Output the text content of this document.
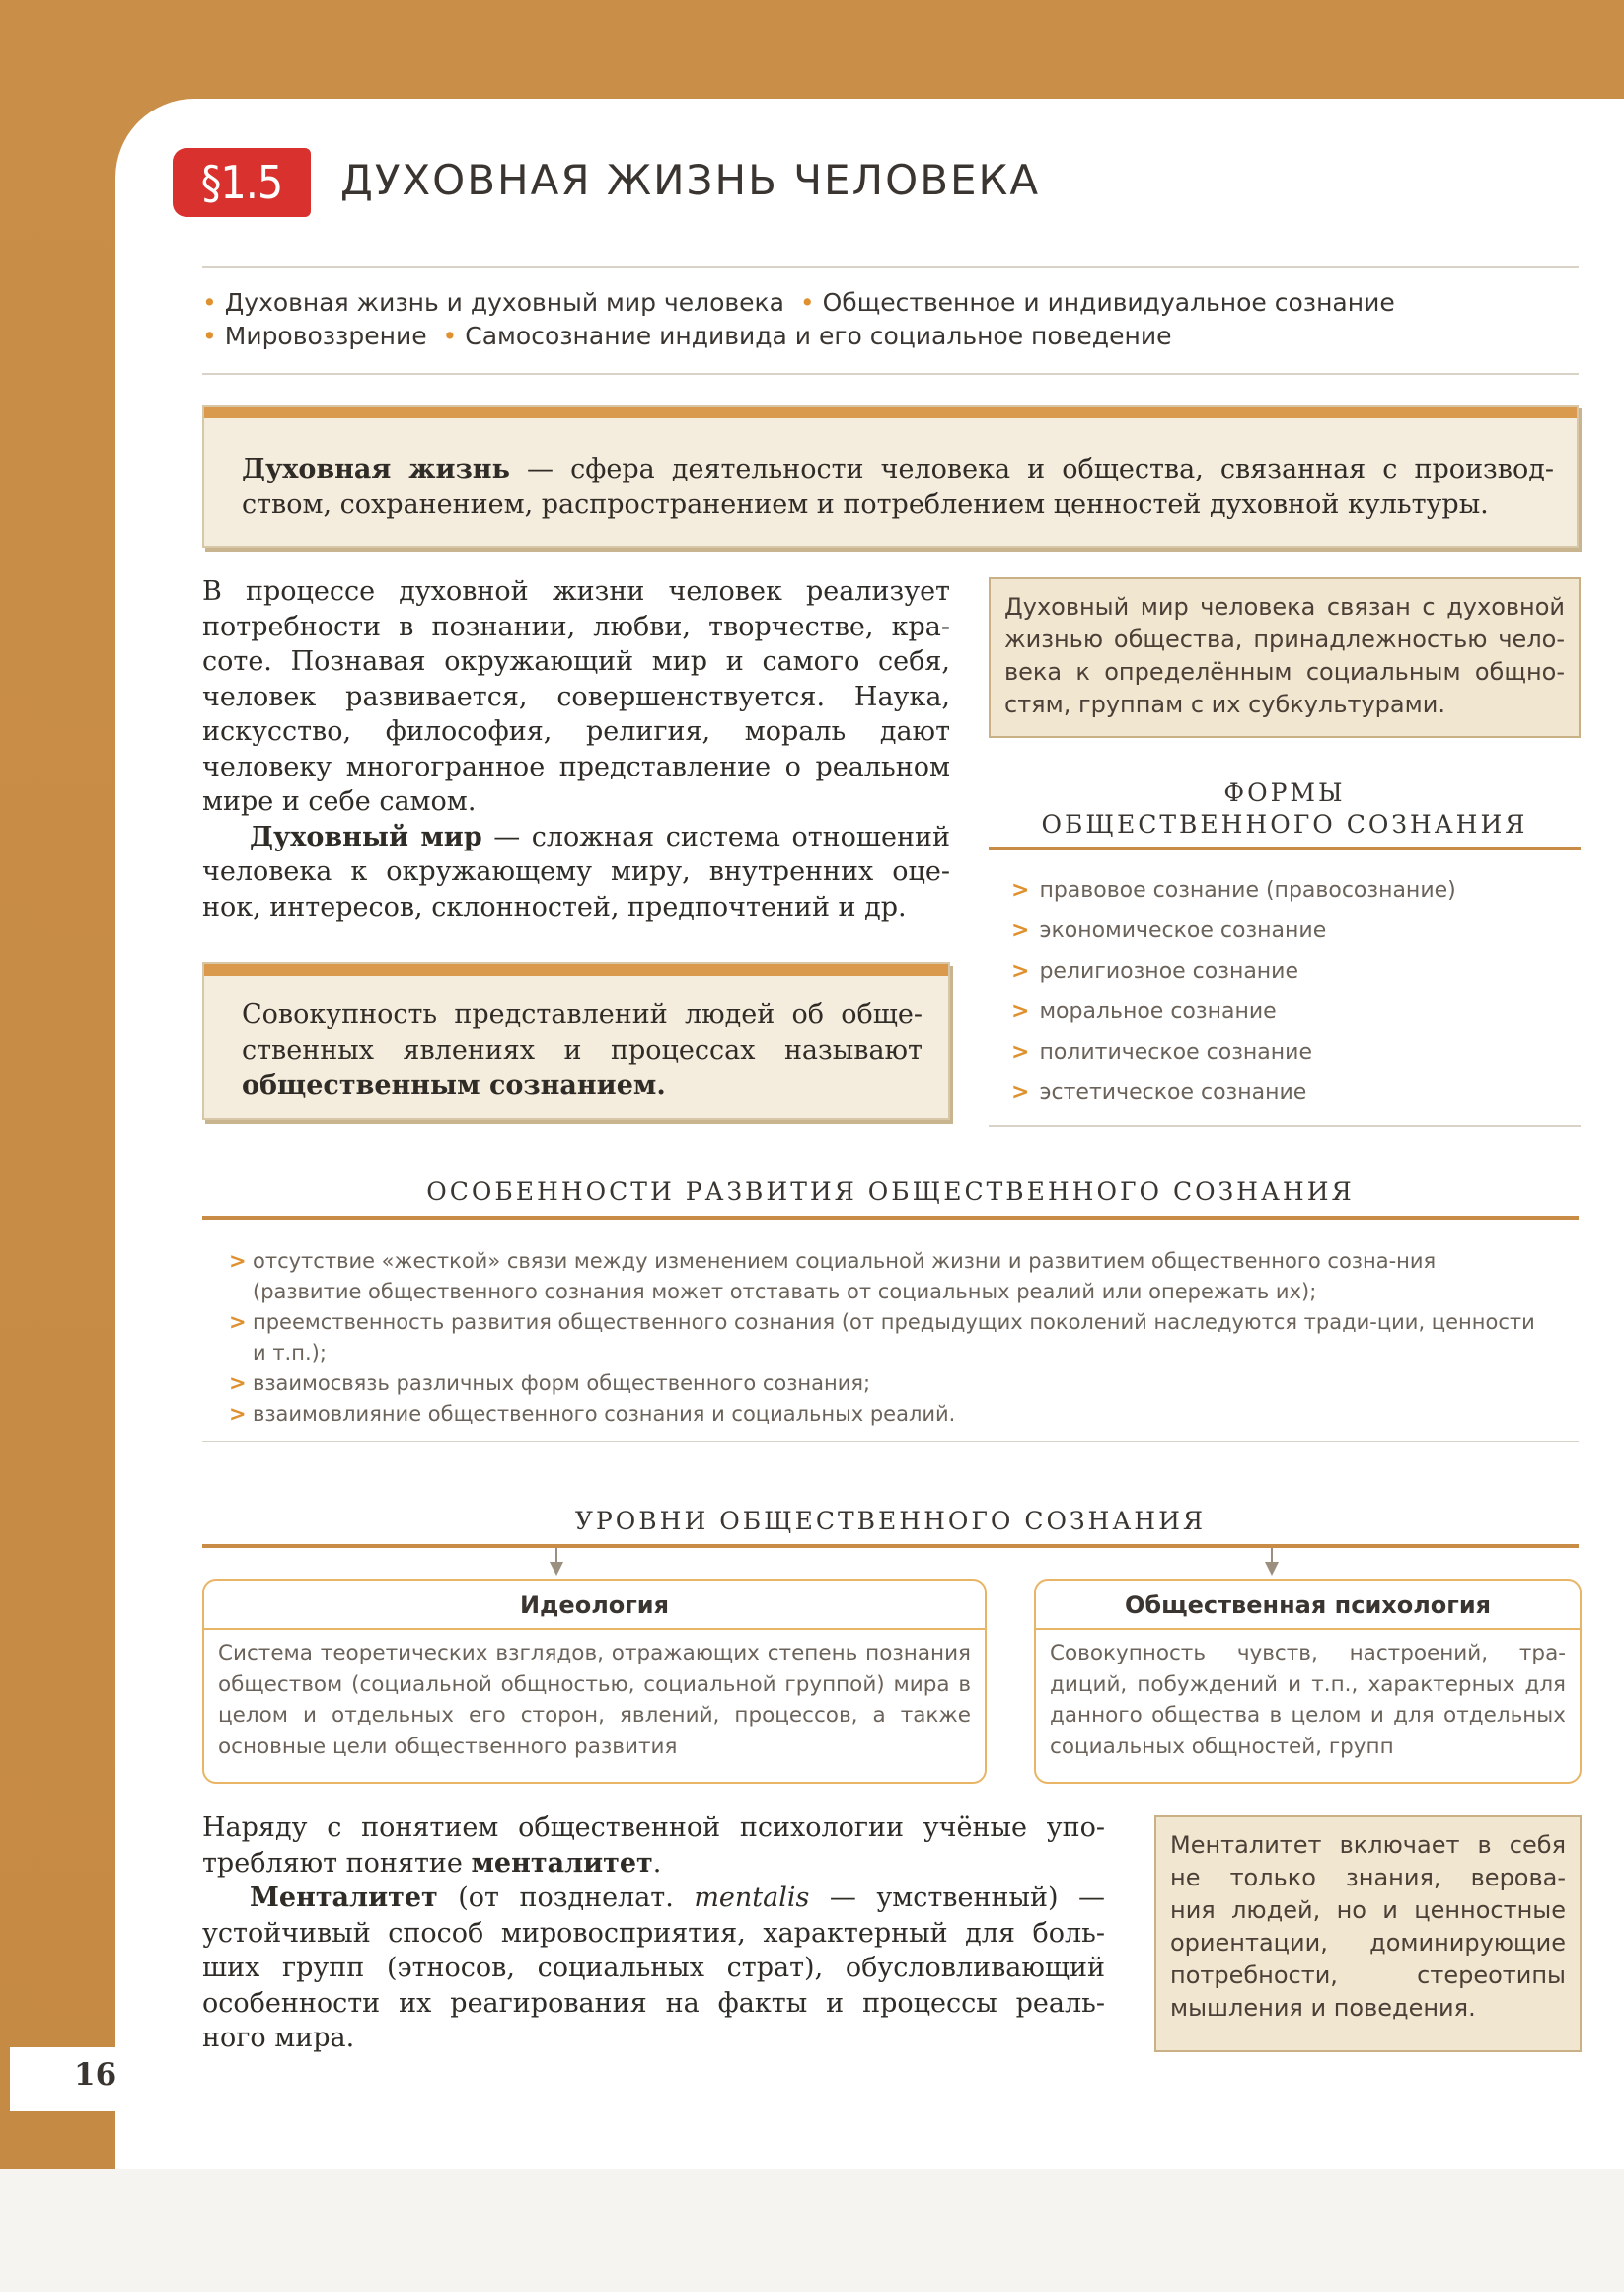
§1.5	ДУХОВНАЯ ЖИЗНЬ ЧЕЛОВЕКА
• Духовная жизнь и духовный мир человека • Общественное и индивидуальное сознание
• Мировоззрение • Самосознание индивида и его социальное поведение
Духовная жизнь — сфера деятельности человека и общества, связанная с производ-
ством, сохранением, распространением и потреблением ценностей духовной культуры.
В процессе духовной жизни человек реализует
потребности в познании, любви, творчестве, кра-
соте. Познавая окружающий мир и самого себя,
человек развивается, совершенствуется. Наука,
искусство, философия, религия, мораль дают
человеку многогранное представление о реальном
мире и себе самом.
Духовный мир — сложная система отношений
человека к окружающему миру, внутренних оце-
нок, интересов, склонностей, предпочтений и др.
Духовный мир человека связан с духовной
жизнью общества, принадлежностью чело-
века к определённым социальным общно-
стям, группам с их субкультурами.
ФОРМЫ
ОБЩЕСТВЕННОГО СОЗНАНИЯ
> правовое сознание (правосознание)
> экономическое сознание
> религиозное сознание
> моральное сознание
> политическое сознание
> эстетическое сознание
Совокупность представлений людей об обще-
ственных явлениях и процессах называют
общественным сознанием.
ОСОБЕННОСТИ РАЗВИТИЯ ОБЩЕСТВЕННОГО СОЗНАНИЯ
> отсутствие «жесткой» связи между изменением социальной жизни и развитием общественного созна-ния (развитие общественного сознания может отставать от социальных реалий или опережать их);
> преемственность развития общественного сознания (от предыдущих поколений наследуются тради-ции, ценности и т.п.);
> взаимосвязь различных форм общественного сознания;
> взаимовлияние общественного сознания и социальных реалий.
УРОВНИ ОБЩЕСТВЕННОГО СОЗНАНИЯ
Идеология
Система теоретических взглядов, отражающих степень познания обществом (социальной общностью, социальной группой) мира в целом и отдельных его сторон, явлений, процессов, а также основные цели общественного развития
Общественная психология
Совокупность чувств, настроений, тра-диций, побуждений и т.п., характерных для данного общества в целом и для отдельных социальных общностей, групп
Наряду с понятием общественной психологии учёные упо-
требляют понятие менталитет.
Менталитет (от позднелат. mentalis — умственный) —
устойчивый способ мировосприятия, характерный для боль-
ших групп (этносов, социальных страт), обусловливающий
особенности их реагирования на факты и процессы реаль-
ного мира.
Менталитет включает в себя
не только знания, верова-
ния людей, но и ценностные
ориентации, доминирующие
потребности, стереотипы
мышления и поведения.
16
